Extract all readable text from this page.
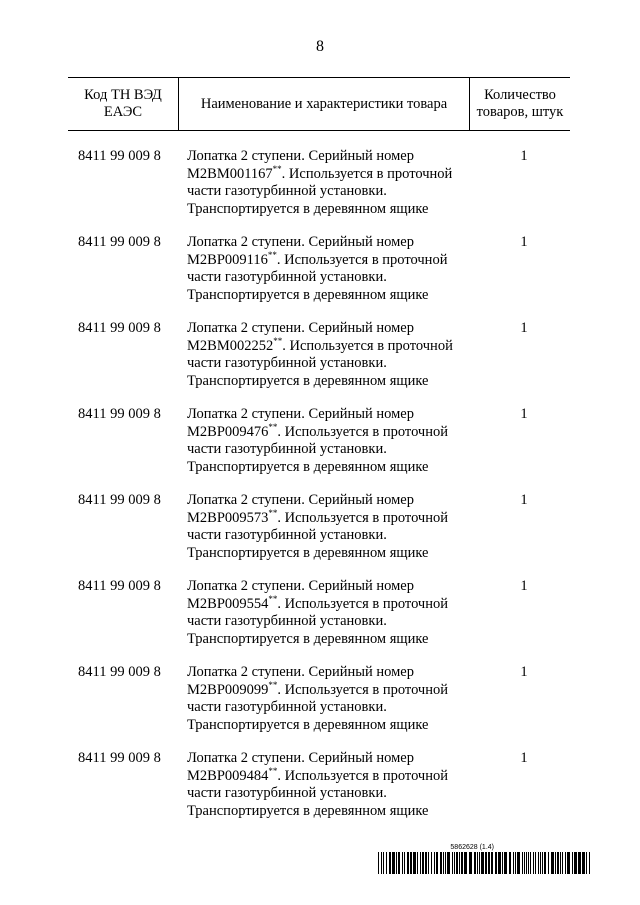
8
Код ТН ВЭД ЕАЭС
Наименование и характеристики товара
Количество товаров, штук
8411 99 009 8 Лопатка 2 ступени. Серийный номер
M2BM001167**. Используется в проточной
части газотурбинной установки.
Транспортируется в деревянном ящике
1
8411 99 009 8 Лопатка 2 ступени. Серийный номер
M2BP009116**. Используется в проточной
части газотурбинной установки.
Транспортируется в деревянном ящике
1
8411 99 009 8 Лопатка 2 ступени. Серийный номер
M2BM002252**. Используется в проточной
части газотурбинной установки.
Транспортируется в деревянном ящике
1
8411 99 009 8 Лопатка 2 ступени. Серийный номер
M2BP009476**. Используется в проточной
части газотурбинной установки.
Транспортируется в деревянном ящике
1
8411 99 009 8 Лопатка 2 ступени. Серийный номер
M2BP009573**. Используется в проточной
части газотурбинной установки.
Транспортируется в деревянном ящике
1
8411 99 009 8 Лопатка 2 ступени. Серийный номер
M2BP009554**. Используется в проточной
части газотурбинной установки.
Транспортируется в деревянном ящике
1
8411 99 009 8 Лопатка 2 ступени. Серийный номер
M2BP009099**. Используется в проточной
части газотурбинной установки.
Транспортируется в деревянном ящике
1
8411 99 009 8 Лопатка 2 ступени. Серийный номер
M2BP009484**. Используется в проточной
части газотурбинной установки.
Транспортируется в деревянном ящике
1
5862628 (1.4)
